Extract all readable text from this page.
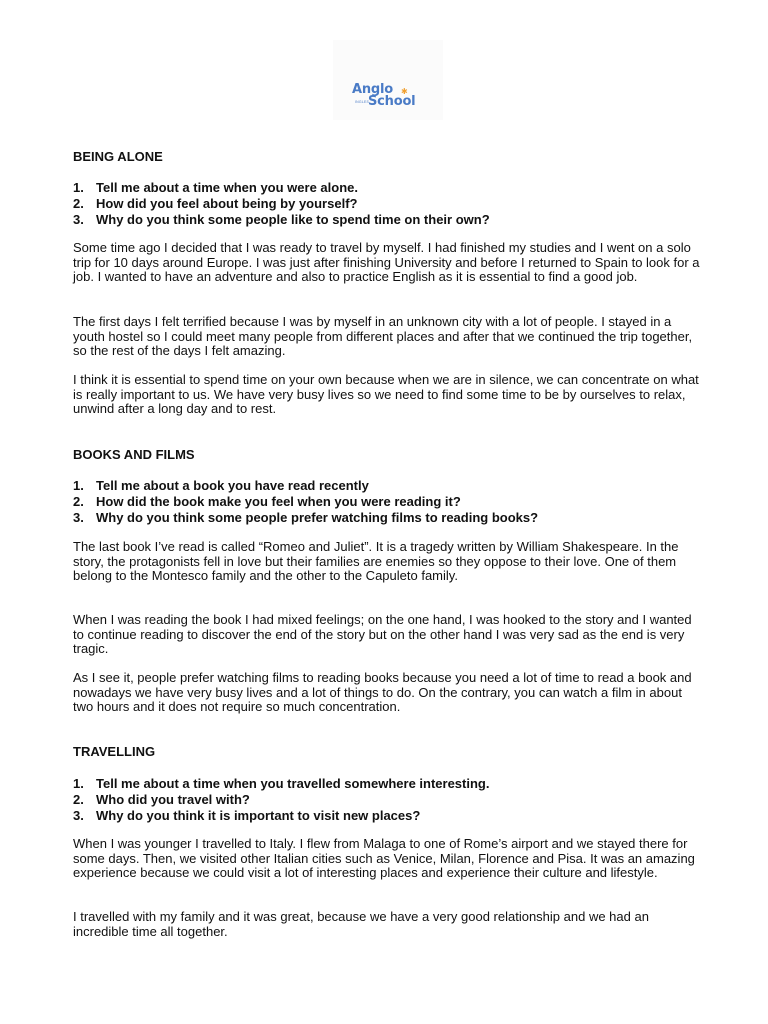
Anglo
INGLES
School
✱
BEING ALONE
1. Tell me about a time when you were alone.
2. How did you feel about being by yourself?
3. Why do you think some people like to spend time on their own?

Some time ago I decided that I was ready to travel by myself. I had finished my studies and I went on a solo trip for 10 days around Europe. I was just after finishing University and before I returned to Spain to look for a job. I wanted to have an adventure and also to practice English as it is essential to find a good job.

The first days I felt terrified because I was by myself in an unknown city with a lot of people. I stayed in a youth hostel so I could meet many people from different places and after that we continued the trip together, so the rest of the days I felt amazing.

I think it is essential to spend time on your own because when we are in silence, we can concentrate on what is really important to us. We have very busy lives so we need to find some time to be by ourselves to relax, unwind after a long day and to rest.

BOOKS AND FILMS
1. Tell me about a book you have read recently
2. How did the book make you feel when you were reading it?
3. Why do you think some people prefer watching films to reading books?

The last book I’ve read is called “Romeo and Juliet”. It is a tragedy written by William Shakespeare. In the story, the protagonists fell in love but their families are enemies so they oppose to their love. One of them belong to the Montesco family and the other to the Capuleto family.

When I was reading the book I had mixed feelings; on the one hand, I was hooked to the story and I wanted to continue reading to discover the end of the story but on the other hand I was very sad as the end is very tragic.

As I see it, people prefer watching films to reading books because you need a lot of time to read a book and nowadays we have very busy lives and a lot of things to do. On the contrary, you can watch a film in about two hours and it does not require so much concentration.

TRAVELLING
1. Tell me about a time when you travelled somewhere interesting.
2. Who did you travel with?
3. Why do you think it is important to visit new places?

When I was younger I travelled to Italy. I flew from Malaga to one of Rome’s airport and we stayed there for some days. Then, we visited other Italian cities such as Venice, Milan, Florence and Pisa. It was an amazing experience because we could visit a lot of interesting places and experience their culture and lifestyle.

I travelled with my family and it was great, because we have a very good relationship and we had an incredible time all together.
